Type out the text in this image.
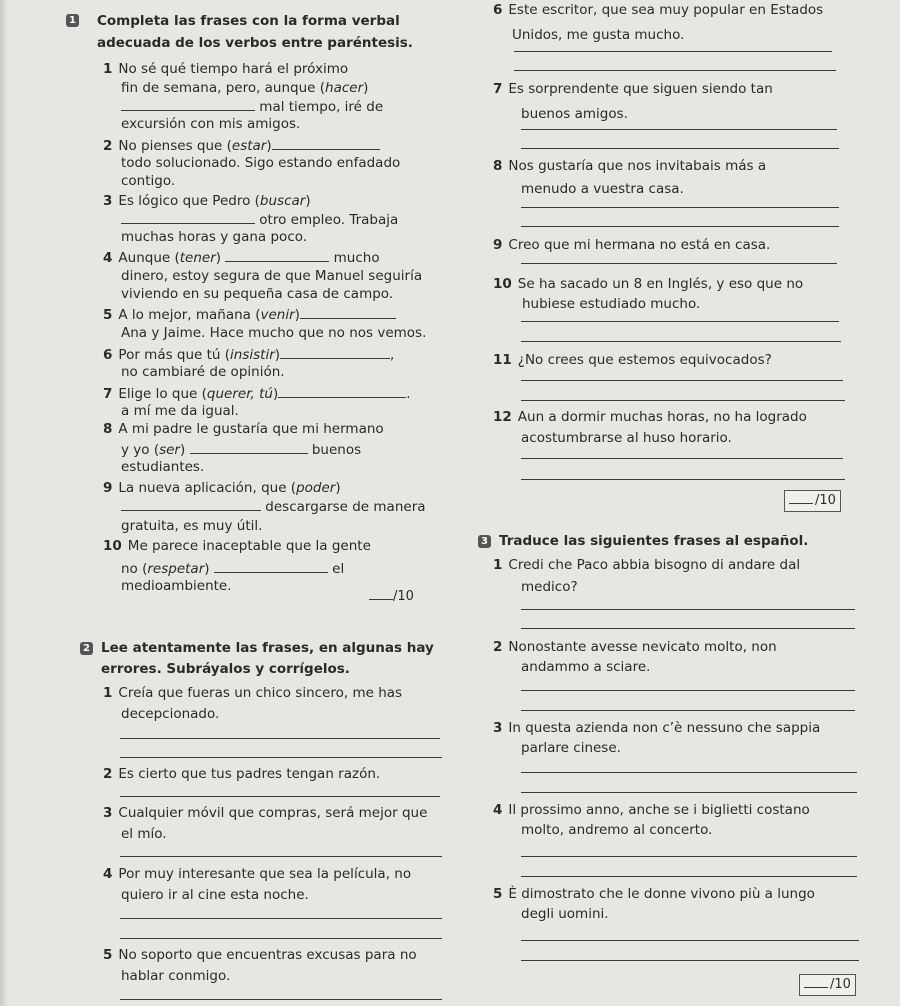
1 Completa las frases con la forma verbal
adecuada de los verbos entre paréntesis.
1 No sé qué tiempo hará el próximo
fin de semana, pero, aunque (hacer)
mal tiempo, iré de
excursión con mis amigos.
2 No pienses que (estar)
todo solucionado. Sigo estando enfadado
contigo.
3 Es lógico que Pedro (buscar)
otro empleo. Trabaja
muchas horas y gana poco.
4 Aunque (tener)	mucho
dinero, estoy segura de que Manuel seguiría
viviendo en su pequeña casa de campo.
5 A lo mejor, mañana (venir)
Ana y Jaime. Hace mucho que no nos vemos.
6 Por más que tú (insistir)	,
no cambiaré de opinión.
7 Elige lo que (querer, tú)	.
a mí me da igual.
8 A mi padre le gustaría que mi hermano
y yo (ser)	buenos
estudiantes.
9 La nueva aplicación, que (poder)
descargarse de manera
gratuita, es muy útil.
10 Me parece inaceptable que la gente
no (respetar)	el
medioambiente.
/10
6 Este escritor, que sea muy popular en Estados
Unidos, me gusta mucho.
7 Es sorprendente que siguen siendo tan
buenos amigos.
8 Nos gustaría que nos invitabais más a
menudo a vuestra casa.
9 Creo que mi hermana no está en casa.
10 Se ha sacado un 8 en Inglés, y eso que no
hubiese estudiado mucho.
11 ¿No crees que estemos equivocados?
12 Aun a dormir muchas horas, no ha logrado
acostumbrarse al huso horario.
/10
2 Lee atentamente las frases, en algunas hay
errores. Subráyalos y corrígelos.
1 Creía que fueras un chico sincero, me has
decepcionado.
2 Es cierto que tus padres tengan razón.
3 Cualquier móvil que compras, será mejor que
el mío.
4 Por muy interesante que sea la película, no
quiero ir al cine esta noche.
5 No soporto que encuentras excusas para no
hablar conmigo.
3 Traduce las siguientes frases al español.
1 Credi che Paco abbia bisogno di andare dal
medico?
2 Nonostante avesse nevicato molto, non
andammo a sciare.
3 In questa azienda non c’è nessuno che sappia
parlare cinese.
4 Il prossimo anno, anche se i biglietti costano
molto, andremo al concerto.
5 È dimostrato che le donne vivono più a lungo
degli uomini.
/10
